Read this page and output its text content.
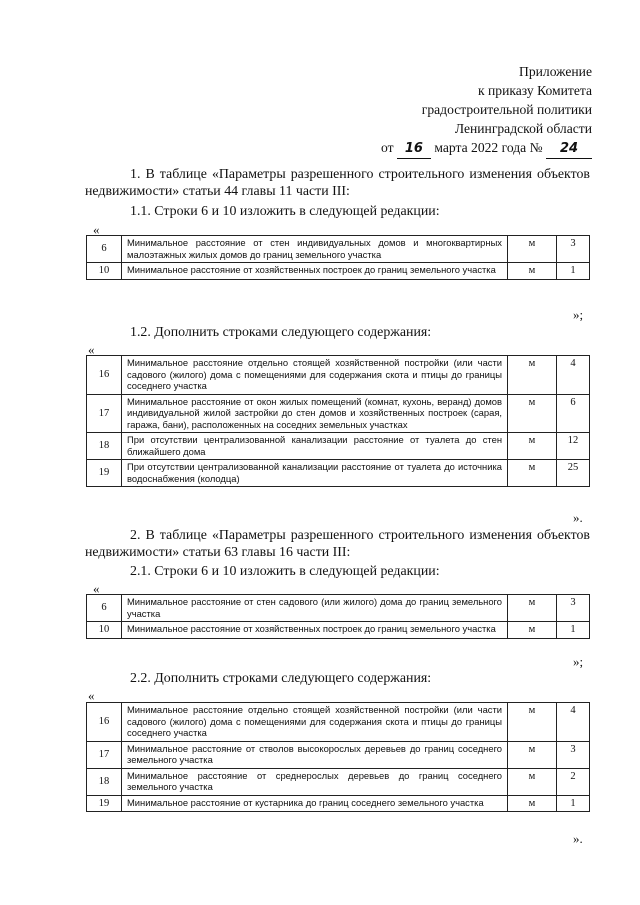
Приложение
к приказу Комитета
градостроительной политики
Ленинградской области
от 16 марта 2022 года № 24
1. В таблице «Параметры разрешенного строительного изменения объектов недвижимости» статьи 44 главы 11 части III:
1.1. Строки 6 и 10 изложить в следующей редакции:
«
6	Минимальное расстояние от стен индивидуальных домов и многоквартирных малоэтажных жилых домов до границ земельного участка	м	3
10	Минимальное расстояние от хозяйственных построек до границ земельного участка	м	1
»;
1.2. Дополнить строками следующего содержания:
«
16	Минимальное расстояние отдельно стоящей хозяйственной постройки (или части садового (жилого) дома с помещениями для содержания скота и птицы до границы соседнего участка	м	4
17	Минимальное расстояние от окон жилых помещений (комнат, кухонь, веранд) домов индивидуальной жилой застройки до стен домов и хозяйственных построек (сарая, гаража, бани), расположенных на соседних земельных участках	м	6
18	При отсутствии централизованной канализации расстояние от туалета до стен ближайшего дома	м	12
19	При отсутствии централизованной канализации расстояние от туалета до источника водоснабжения (колодца)	м	25
».
2. В таблице «Параметры разрешенного строительного изменения объектов недвижимости» статьи 63 главы 16 части III:
2.1. Строки 6 и 10 изложить в следующей редакции:
«
6	Минимальное расстояние от стен садового (или жилого) дома до границ земельного участка	м	3
10	Минимальное расстояние от хозяйственных построек до границ земельного участка	м	1
»;
2.2. Дополнить строками следующего содержания:
«
16	Минимальное расстояние отдельно стоящей хозяйственной постройки (или части садового (жилого) дома с помещениями для содержания скота и птицы до границы соседнего участка	м	4
17	Минимальное расстояние от стволов высокорослых деревьев до границ соседнего земельного участка	м	3
18	Минимальное расстояние от среднерослых деревьев до границ соседнего земельного участка	м	2
19	Минимальное расстояние от кустарника до границ соседнего земельного участка	м	1
».
